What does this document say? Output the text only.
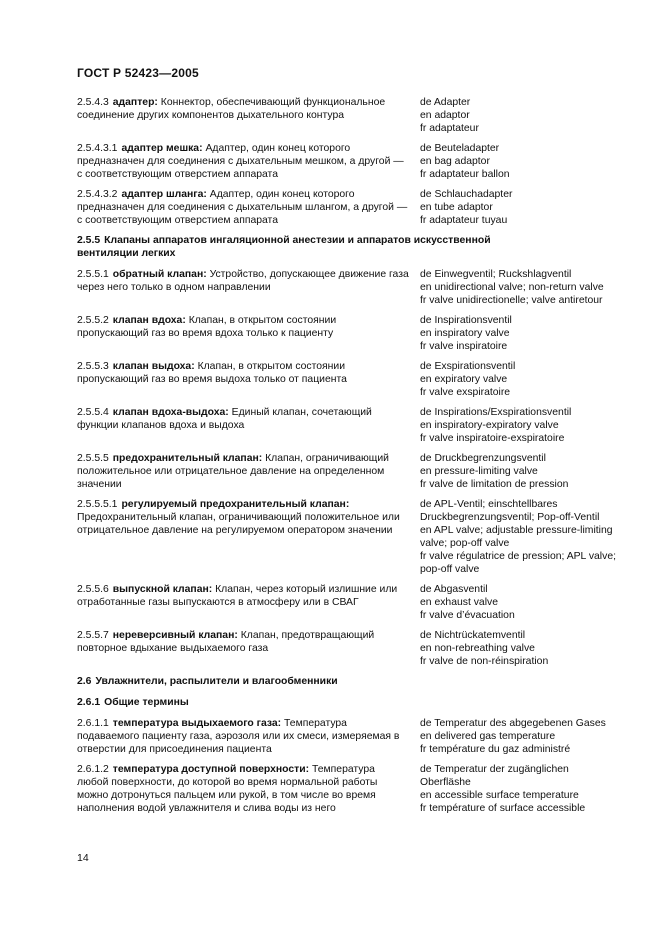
ГОСТ Р 52423—2005
2.5.4.3 адаптер: Коннектор, обеспечивающий функциональное соединение других компонентов дыхательного контура
de Adapter
en adaptor
fr adaptateur
2.5.4.3.1 адаптер мешка: Адаптер, один конец которого предназначен для соединения с дыхательным мешком, а другой — с соответствующим отверстием аппарата
de Beuteladapter
en bag adaptor
fr adaptateur ballon
2.5.4.3.2 адаптер шланга: Адаптер, один конец которого предназначен для соединения с дыхательным шлангом, а другой — с соответствующим отверстием аппарата
de Schlauchadapter
en tube adaptor
fr adaptateur tuyau
2.5.5 Клапаны аппаратов ингаляционной анестезии и аппаратов искусственной вентиляции легких
2.5.5.1 обратный клапан: Устройство, допускающее движение газа через него только в одном направлении
de Einwegventil; Ruckshlagventil
en unidirectional valve; non-return valve
fr valve unidirectionelle; valve antiretour
2.5.5.2 клапан вдоха: Клапан, в открытом состоянии пропускающий газ во время вдоха только к пациенту
de Inspirationsventil
en inspiratory valve
fr valve inspiratoire
2.5.5.3 клапан выдоха: Клапан, в открытом состоянии пропускающий газ во время выдоха только от пациента
de Exspirationsventil
en expiratory valve
fr valve exspiratoire
2.5.5.4 клапан вдоха-выдоха: Единый клапан, сочетающий функции клапанов вдоха и выдоха
de Inspirations/Exspirationsventil
en inspiratory-expiratory valve
fr valve inspiratoire-exspiratoire
2.5.5.5 предохранительный клапан: Клапан, ограничивающий положительное или отрицательное давление на определенном значении
de Druckbegrenzungsventil
en pressure-limiting valve
fr valve de limitation de pression
2.5.5.5.1 регулируемый предохранительный клапан: Предохранительный клапан, ограничивающий положительное или отрицательное давление на регулируемом оператором значении
de APL-Ventil; einschtellbares Druckbegrenzungsventil; Pop-off-Ventil
en APL valve; adjustable pressure-limiting valve; pop-off valve
fr valve régulatrice de pression; APL valve; pop-off valve
2.5.5.6 выпускной клапан: Клапан, через который излишние или отработанные газы выпускаются в атмосферу или в СВАГ
de Abgasventil
en exhaust valve
fr valve d’évacuation
2.5.5.7 нереверсивный клапан: Клапан, предотвращающий повторное вдыхание выдыхаемого газа
de Nichtrückatemventil
en non-rebreathing valve
fr valve de non-réinspiration
2.6 Увлажнители, распылители и влагообменники
2.6.1 Общие термины
2.6.1.1 температура выдыхаемого газа: Температура подаваемого пациенту газа, аэрозоля или их смеси, измеряемая в отверстии для присоединения пациента
de Temperatur des abgegebenen Gases
en delivered gas temperature
fr température du gaz administré
2.6.1.2 температура доступной поверхности: Температура любой поверхности, до которой во время нормальной работы можно дотронуться пальцем или рукой, в том числе во время наполнения водой увлажнителя и слива воды из него
de Temperatur der zugänglichen Oberfläshe
en accessible surface temperature
fr température of surface accessible
14
